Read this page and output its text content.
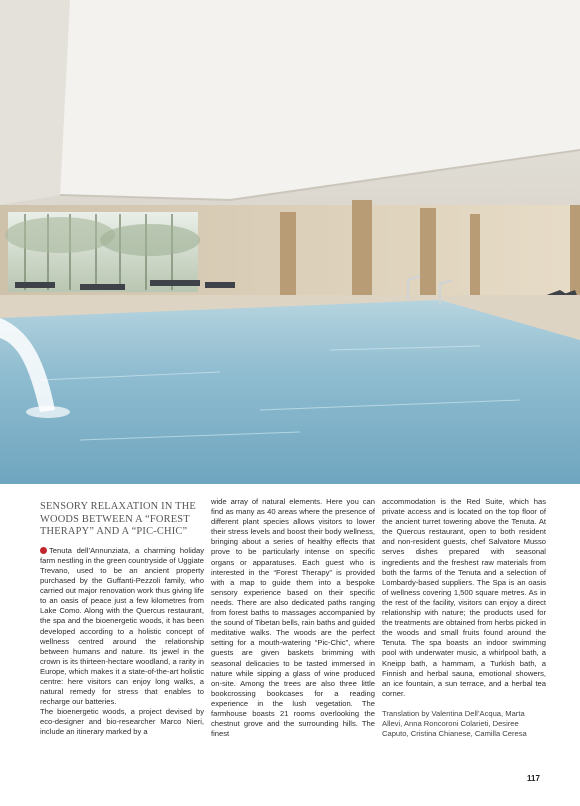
SENSORY RELAXATION IN THE WOODS BETWEEN A “FOREST THERAPY” AND A “PIC-CHIC”

Tenuta dell’Annunziata, a charming holiday farm nestling in the green countryside of Uggiate Trevano, used to be an ancient property purchased by the Guffanti-Pezzoli family, who carried out major renovation work thus giving life to an oasis of peace just a few kilometres from Lake Como. Along with the Quercus restaurant, the spa and the bioenergetic woods, it has been developed according to a holistic concept of wellness centred around the relationship between humans and nature. Its jewel in the crown is its thirteen-hectare woodland, a rarity in Europe, which makes it a state-of-the-art holistic centre: here visitors can enjoy long walks, a natural remedy for stress that enables to recharge our batteries.

The bioenergetic woods, a project devised by eco-designer and bio-researcher Marco Nieri, include an itinerary marked by a

wide array of natural elements. Here you can find as many as 40 areas where the presence of different plant species allows visitors to lower their stress levels and boost their body wellness, bringing about a series of healthy effects that prove to be particularly intense on specific organs or apparatuses. Each guest who is interested in the “Forest Therapy” is provided with a map to guide them into a bespoke sensory experience based on their specific needs. There are also dedicated paths ranging from forest baths to massages accompanied by the sound of Tibetan bells, rain baths and guided meditative walks. The woods are the perfect setting for a mouth-watering “Pic-Chic”, where guests are given baskets brimming with seasonal delicacies to be tasted immersed in nature while sipping a glass of wine produced on-site. Among the trees are also three little bookcrossing bookcases for a reading experience in the lush vegetation. The farmhouse boasts 21 rooms overlooking the chestnut grove and the surrounding hills. The finest

accommodation is the Red Suite, which has private access and is located on the top floor of the ancient turret towering above the Tenuta. At the Quercus restaurant, open to both resident and non-resident guests, chef Salvatore Musso serves dishes prepared with seasonal ingredients and the freshest raw materials from both the farms of the Tenuta and a selection of Lombardy-based suppliers. The Spa is an oasis of wellness covering 1,500 square metres. As in the rest of the facility, visitors can enjoy a direct relationship with nature; the products used for the treatments are obtained from herbs picked in the woods and small fruits found around the Tenuta. The spa boasts an indoor swimming pool with underwater music, a whirlpool bath, a Kneipp bath, a hammam, a Turkish bath, a Finnish and herbal sauna, emotional showers, an ice fountain, a sun terrace, and a herbal tea corner.

Translation by Valentina Dell’Acqua, Marta Allevi, Anna Roncoroni Colarieti, Desiree Caputo, Cristina Chianese, Camilla Ceresa

117
